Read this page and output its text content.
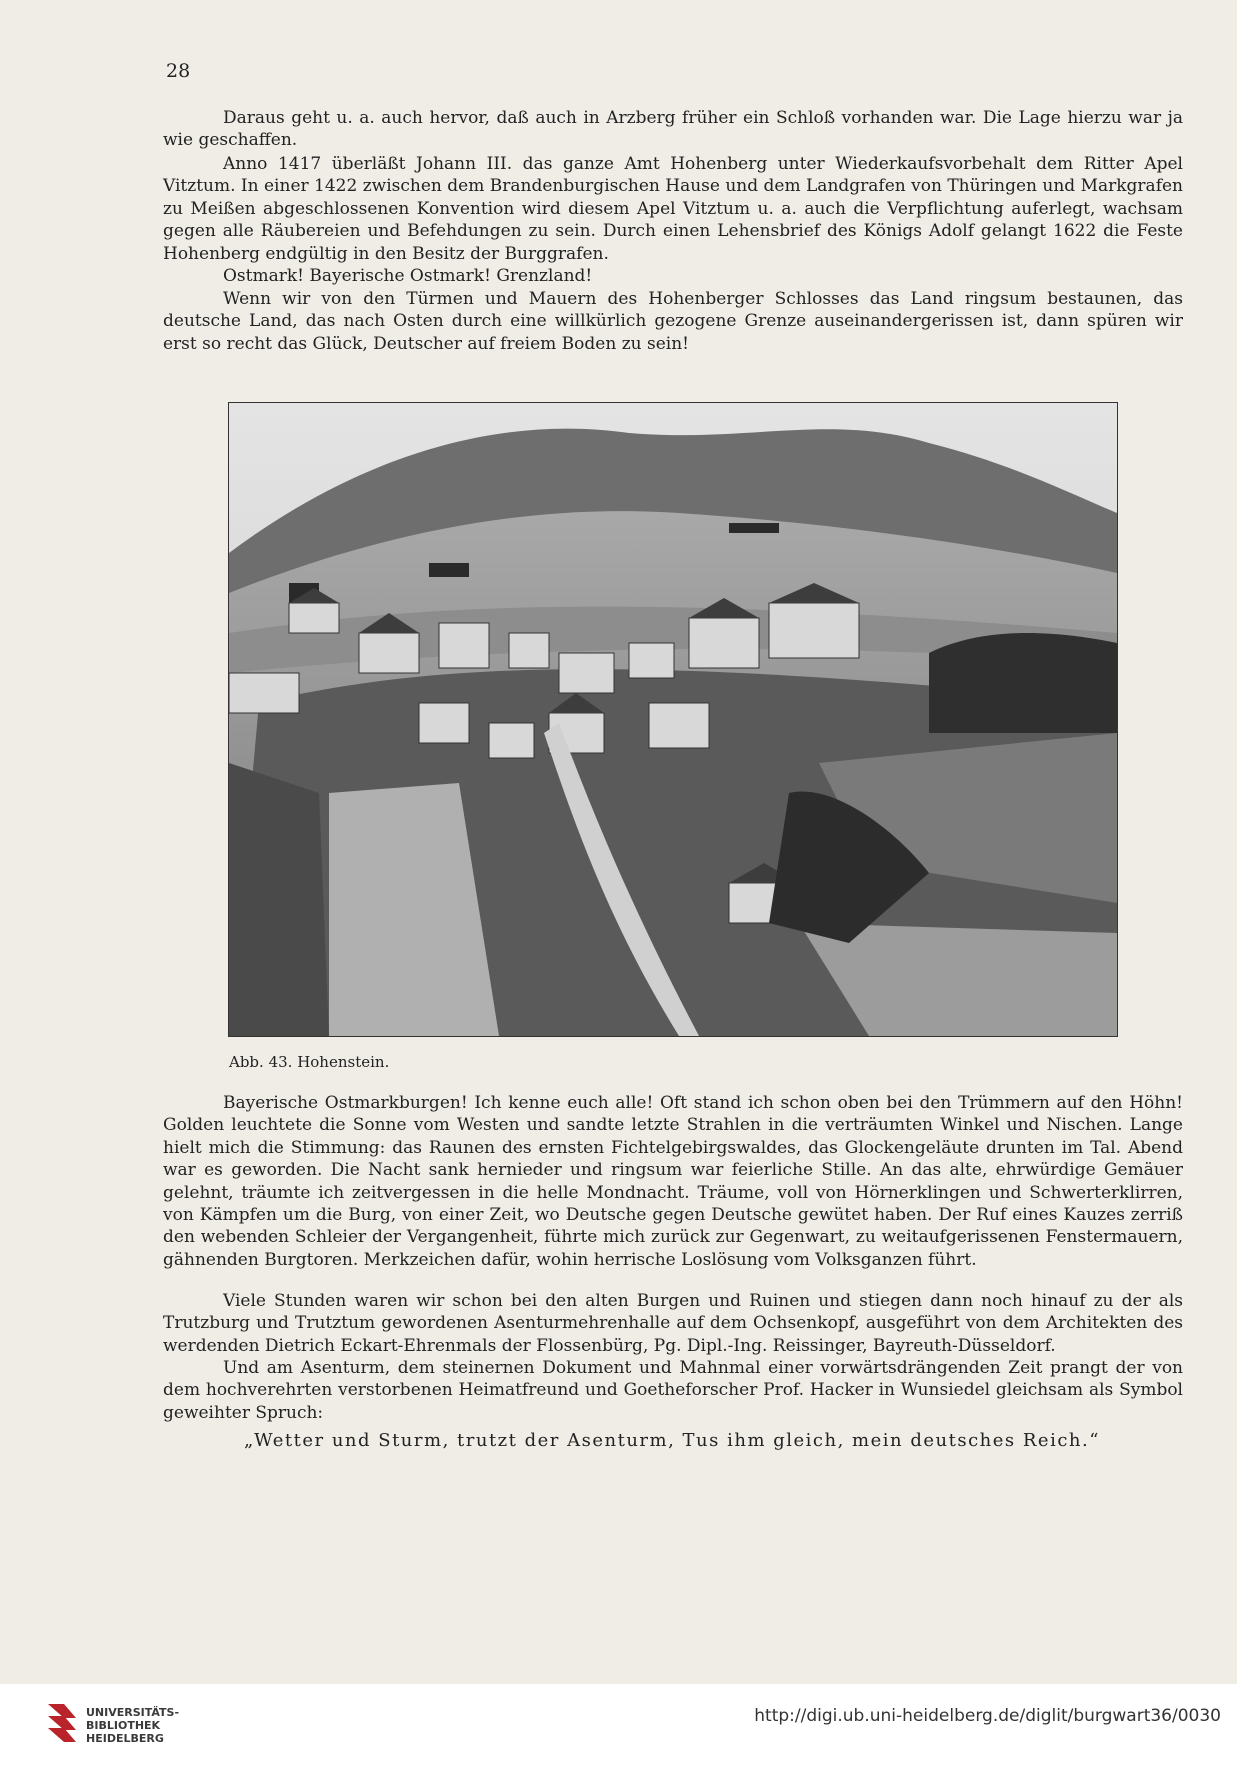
28

Daraus geht u. a. auch hervor, daß auch in Arzberg früher ein Schloß vorhanden war. Die Lage hierzu war ja wie geschaffen.

Anno 1417 überläßt Johann III. das ganze Amt Hohenberg unter Wiederkaufsvorbehalt dem Ritter Apel Vitztum. In einer 1422 zwischen dem Brandenburgischen Hause und dem Landgrafen von Thüringen und Markgrafen zu Meißen abgeschlossenen Konvention wird diesem Apel Vitztum u. a. auch die Verpflichtung auferlegt, wachsam gegen alle Räubereien und Befehdungen zu sein. Durch einen Lehensbrief des Königs Adolf gelangt 1622 die Feste Hohenberg endgültig in den Besitz der Burggrafen.

Ostmark! Bayerische Ostmark! Grenzland!

Wenn wir von den Türmen und Mauern des Hohenberger Schlosses das Land ringsum bestaunen, das deutsche Land, das nach Osten durch eine willkürlich gezogene Grenze auseinandergerissen ist, dann spüren wir erst so recht das Glück, Deutscher auf freiem Boden zu sein!

Abb. 43. Hohenstein.

Bayerische Ostmarkburgen! Ich kenne euch alle! Oft stand ich schon oben bei den Trümmern auf den Höhn! Golden leuchtete die Sonne vom Westen und sandte letzte Strahlen in die verträumten Winkel und Nischen. Lange hielt mich die Stimmung: das Raunen des ernsten Fichtelgebirgswaldes, das Glockengeläute drunten im Tal. Abend war es geworden. Die Nacht sank hernieder und ringsum war feierliche Stille. An das alte, ehrwürdige Gemäuer gelehnt, träumte ich zeitvergessen in die helle Mondnacht. Träume, voll von Hörnerklingen und Schwerterklirren, von Kämpfen um die Burg, von einer Zeit, wo Deutsche gegen Deutsche gewütet haben. Der Ruf eines Kauzes zerriß den webenden Schleier der Vergangenheit, führte mich zurück zur Gegenwart, zu weitaufgerissenen Fenstermauern, gähnenden Burgtoren. Merkzeichen dafür, wohin herrische Loslösung vom Volksganzen führt.

Viele Stunden waren wir schon bei den alten Burgen und Ruinen und stiegen dann noch hinauf zu der als Trutzburg und Trutztum gewordenen Asenturmehrenhalle auf dem Ochsenkopf, ausgeführt von dem Architekten des werdenden Dietrich Eckart-Ehrenmals der Flossenbürg, Pg. Dipl.-Ing. Reissinger, Bayreuth-Düsseldorf.

Und am Asenturm, dem steinernen Dokument und Mahnmal einer vorwärtsdrängenden Zeit prangt der von dem hochverehrten verstorbenen Heimatfreund und Goetheforscher Prof. Hacker in Wunsiedel gleichsam als Symbol geweihter Spruch:

„Wetter und Sturm, trutzt der Asenturm, Tus ihm gleich, mein deutsches Reich.“
UNIVERSITÄTS-
BIBLIOTHEK
HEIDELBERG
http://digi.ub.uni-heidelberg.de/diglit/burgwart36/0030
